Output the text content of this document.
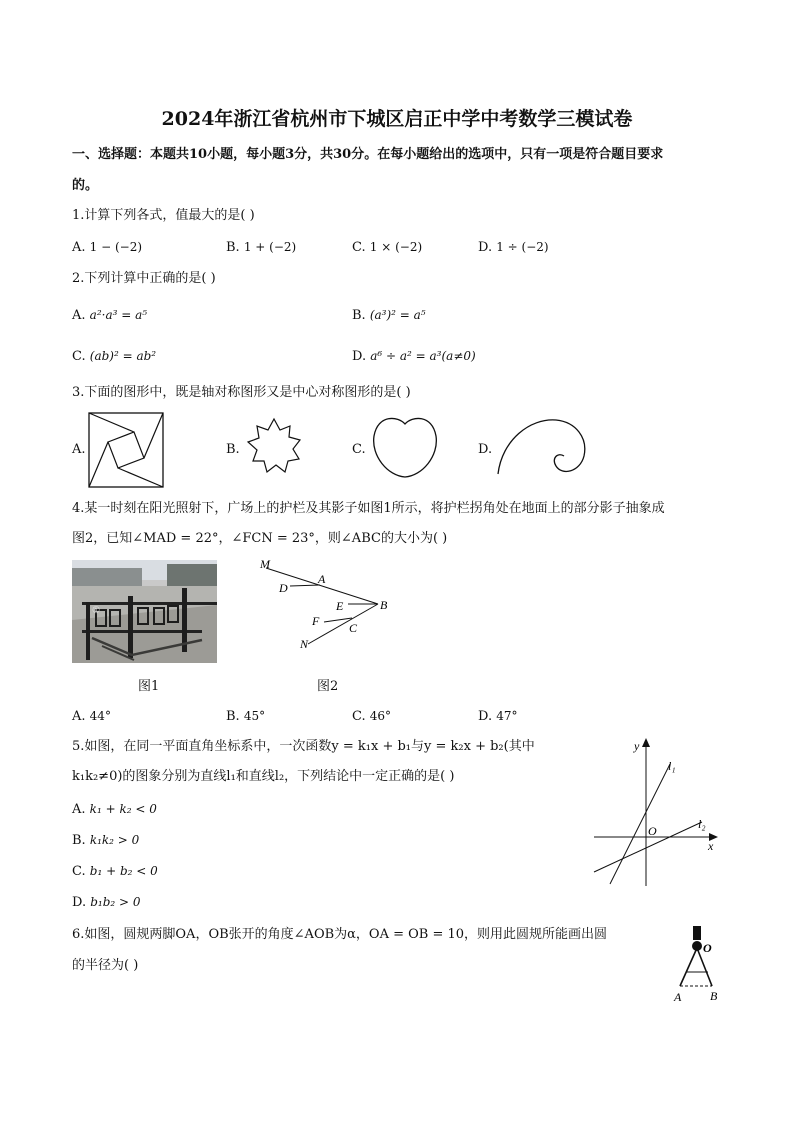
2024年浙江省杭州市下城区启正中学中考数学三模试卷
一、选择题：本题共10小题，每小题3分，共30分。在每小题给出的选项中，只有一项是符合题目要求
的。
1.计算下列各式，值最大的是( )
A. 1 − (−2)	B. 1 + (−2)	C. 1 × (−2)	D. 1 ÷ (−2)
2.下列计算中正确的是( )
A. a²·a³ = a⁵	B. (a³)² = a⁵
C. (ab)² = ab²	D. a⁶ ÷ a² = a³(a≠0)
3.下面的图形中，既是轴对称图形又是中心对称图形的是( )
A.	B.	C.	D.
4.某一时刻在阳光照射下，广场上的护栏及其影子如图1所示，将护栏拐角处在地面上的部分影子抽象成
图2，已知∠MAD = 22°，∠FCN = 23°，则∠ABC的大小为( )
①
图1
M
D
A
E	B
F C
N
图2
A. 44°	B. 45°	C. 46°	D. 47°
5.如图，在同一平面直角坐标系中，一次函数y = k₁x + b₁与y = k₂x + b₂(其中
k₁k₂≠0)的图象分别为直线l₁和直线l₂，下列结论中一定正确的是( )
A. k₁ + k₂ < 0
B. k₁k₂ > 0
C. b₁ + b₂ < 0
D. b₁b₂ > 0
y
x
O
l₁
l₂
6.如图，圆规两脚OA，OB张开的角度∠AOB为α，OA = OB = 10，则用此圆规所能画出圆
的半径为( )
O
A B
